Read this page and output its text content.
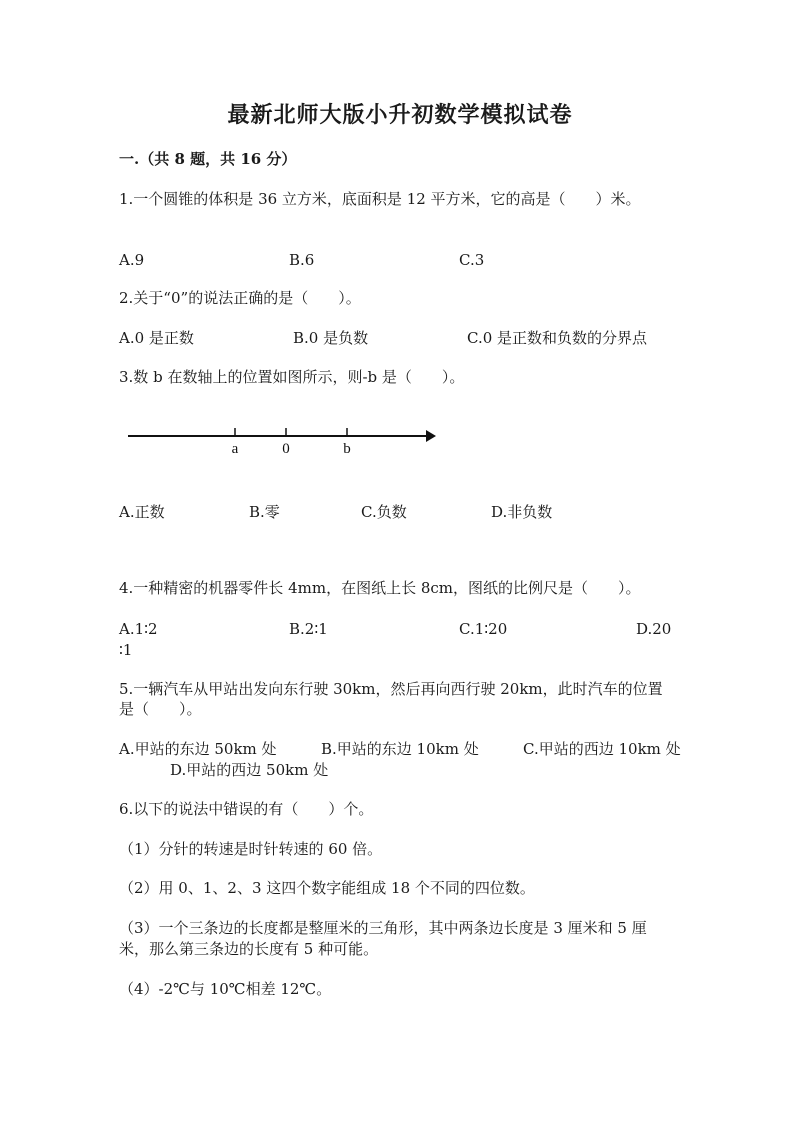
最新北师大版小升初数学模拟试卷
一.（共 8 题，共 16 分）
1.一个圆锥的体积是 36 立方米，底面积是 12 平方米，它的高是（　　）米。
A.9	B.6	C.3
2.关于“0”的说法正确的是（　　）。
A.0 是正数	B.0 是负数	C.0 是正数和负数的分界点
3.数 b 在数轴上的位置如图所示，则-b 是（　　）。
a	0	b
A.正数	B.零	C.负数	D.非负数
4.一种精密的机器零件长 4mm，在图纸上长 8cm，图纸的比例尺是（　　）。
A.1∶2	B.2∶1	C.1∶20	D.20
∶1
5.一辆汽车从甲站出发向东行驶 30km，然后再向西行驶 20km，此时汽车的位置
是（　　）。
A.甲站的东边 50km 处	B.甲站的东边 10km 处	C.甲站的西边 10km 处
D.甲站的西边 50km 处
6.以下的说法中错误的有（　　）个。
（1）分针的转速是时针转速的 60 倍。
（2）用 0、1、2、3 这四个数字能组成 18 个不同的四位数。
（3）一个三条边的长度都是整厘米的三角形，其中两条边长度是 3 厘米和 5 厘
米，那么第三条边的长度有 5 种可能。
（4）-2℃与 10℃相差 12℃。
